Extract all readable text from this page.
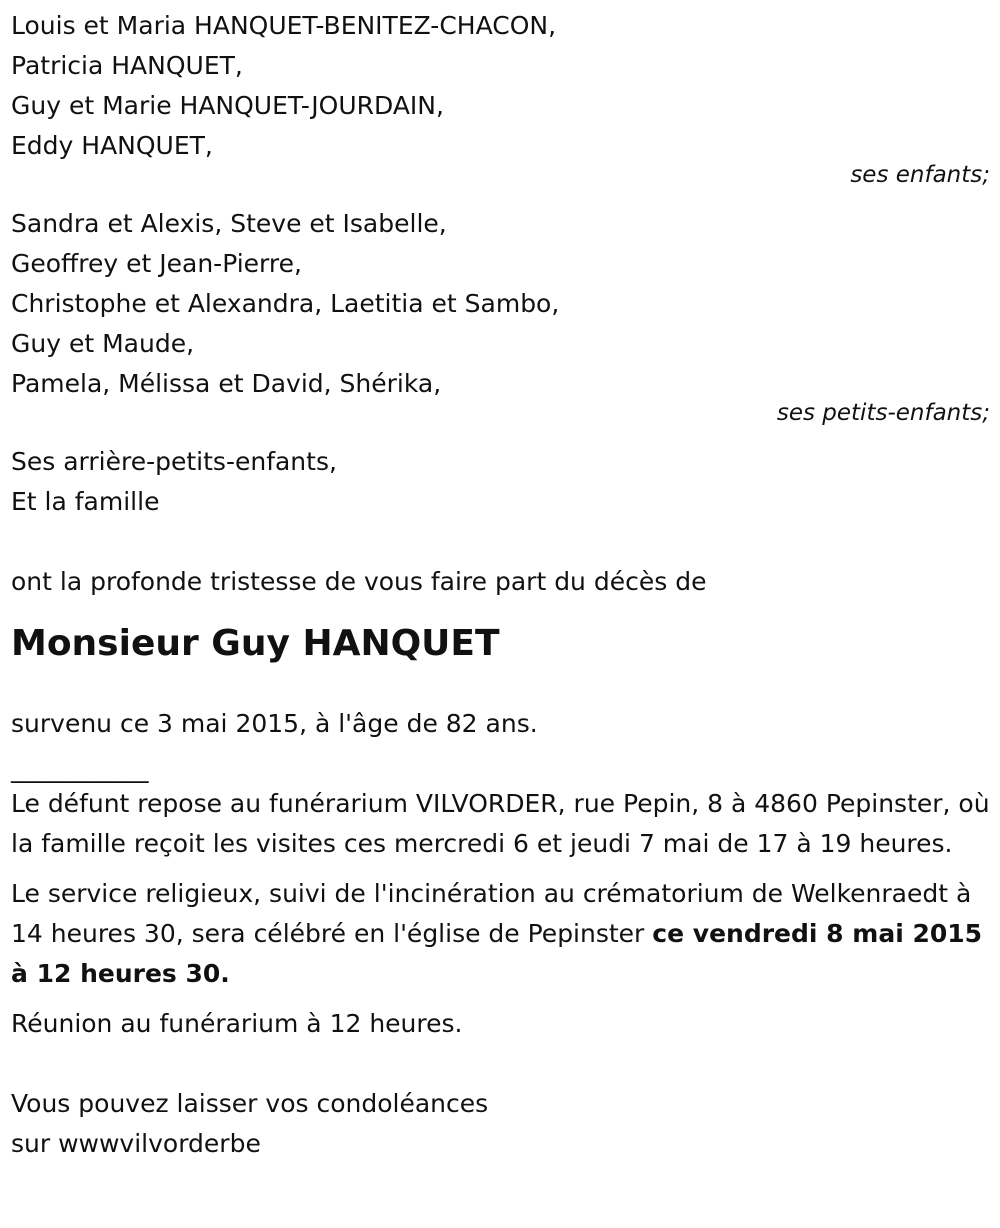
Louis et Maria HANQUET-BENITEZ-CHACON,
Patricia HANQUET,
Guy et Marie HANQUET-JOURDAIN,
Eddy HANQUET,
ses enfants;
Sandra et Alexis, Steve et Isabelle,
Geoffrey et Jean-Pierre,
Christophe et Alexandra, Laetitia et Sambo,
Guy et Maude,
Pamela, Mélissa et David, Shérika,
ses petits-enfants;
Ses arrière-petits-enfants,
Et la famille
ont la profonde tristesse de vous faire part du décès de
Monsieur Guy HANQUET
survenu ce 3 mai 2015, à l'âge de 82 ans.
___________
Le défunt repose au funérarium VILVORDER, rue Pepin, 8 à 4860 Pepinster, où la famille reçoit les visites ces mercredi 6 et jeudi 7 mai de 17 à 19 heures.
Le service religieux, suivi de l'incinération au crématorium de Welkenraedt à 14 heures 30, sera célébré en l'église de Pepinster ce vendredi 8 mai 2015 à 12 heures 30.
Réunion au funérarium à 12 heures.
Vous pouvez laisser vos condoléances
sur wwwvilvorderbe
